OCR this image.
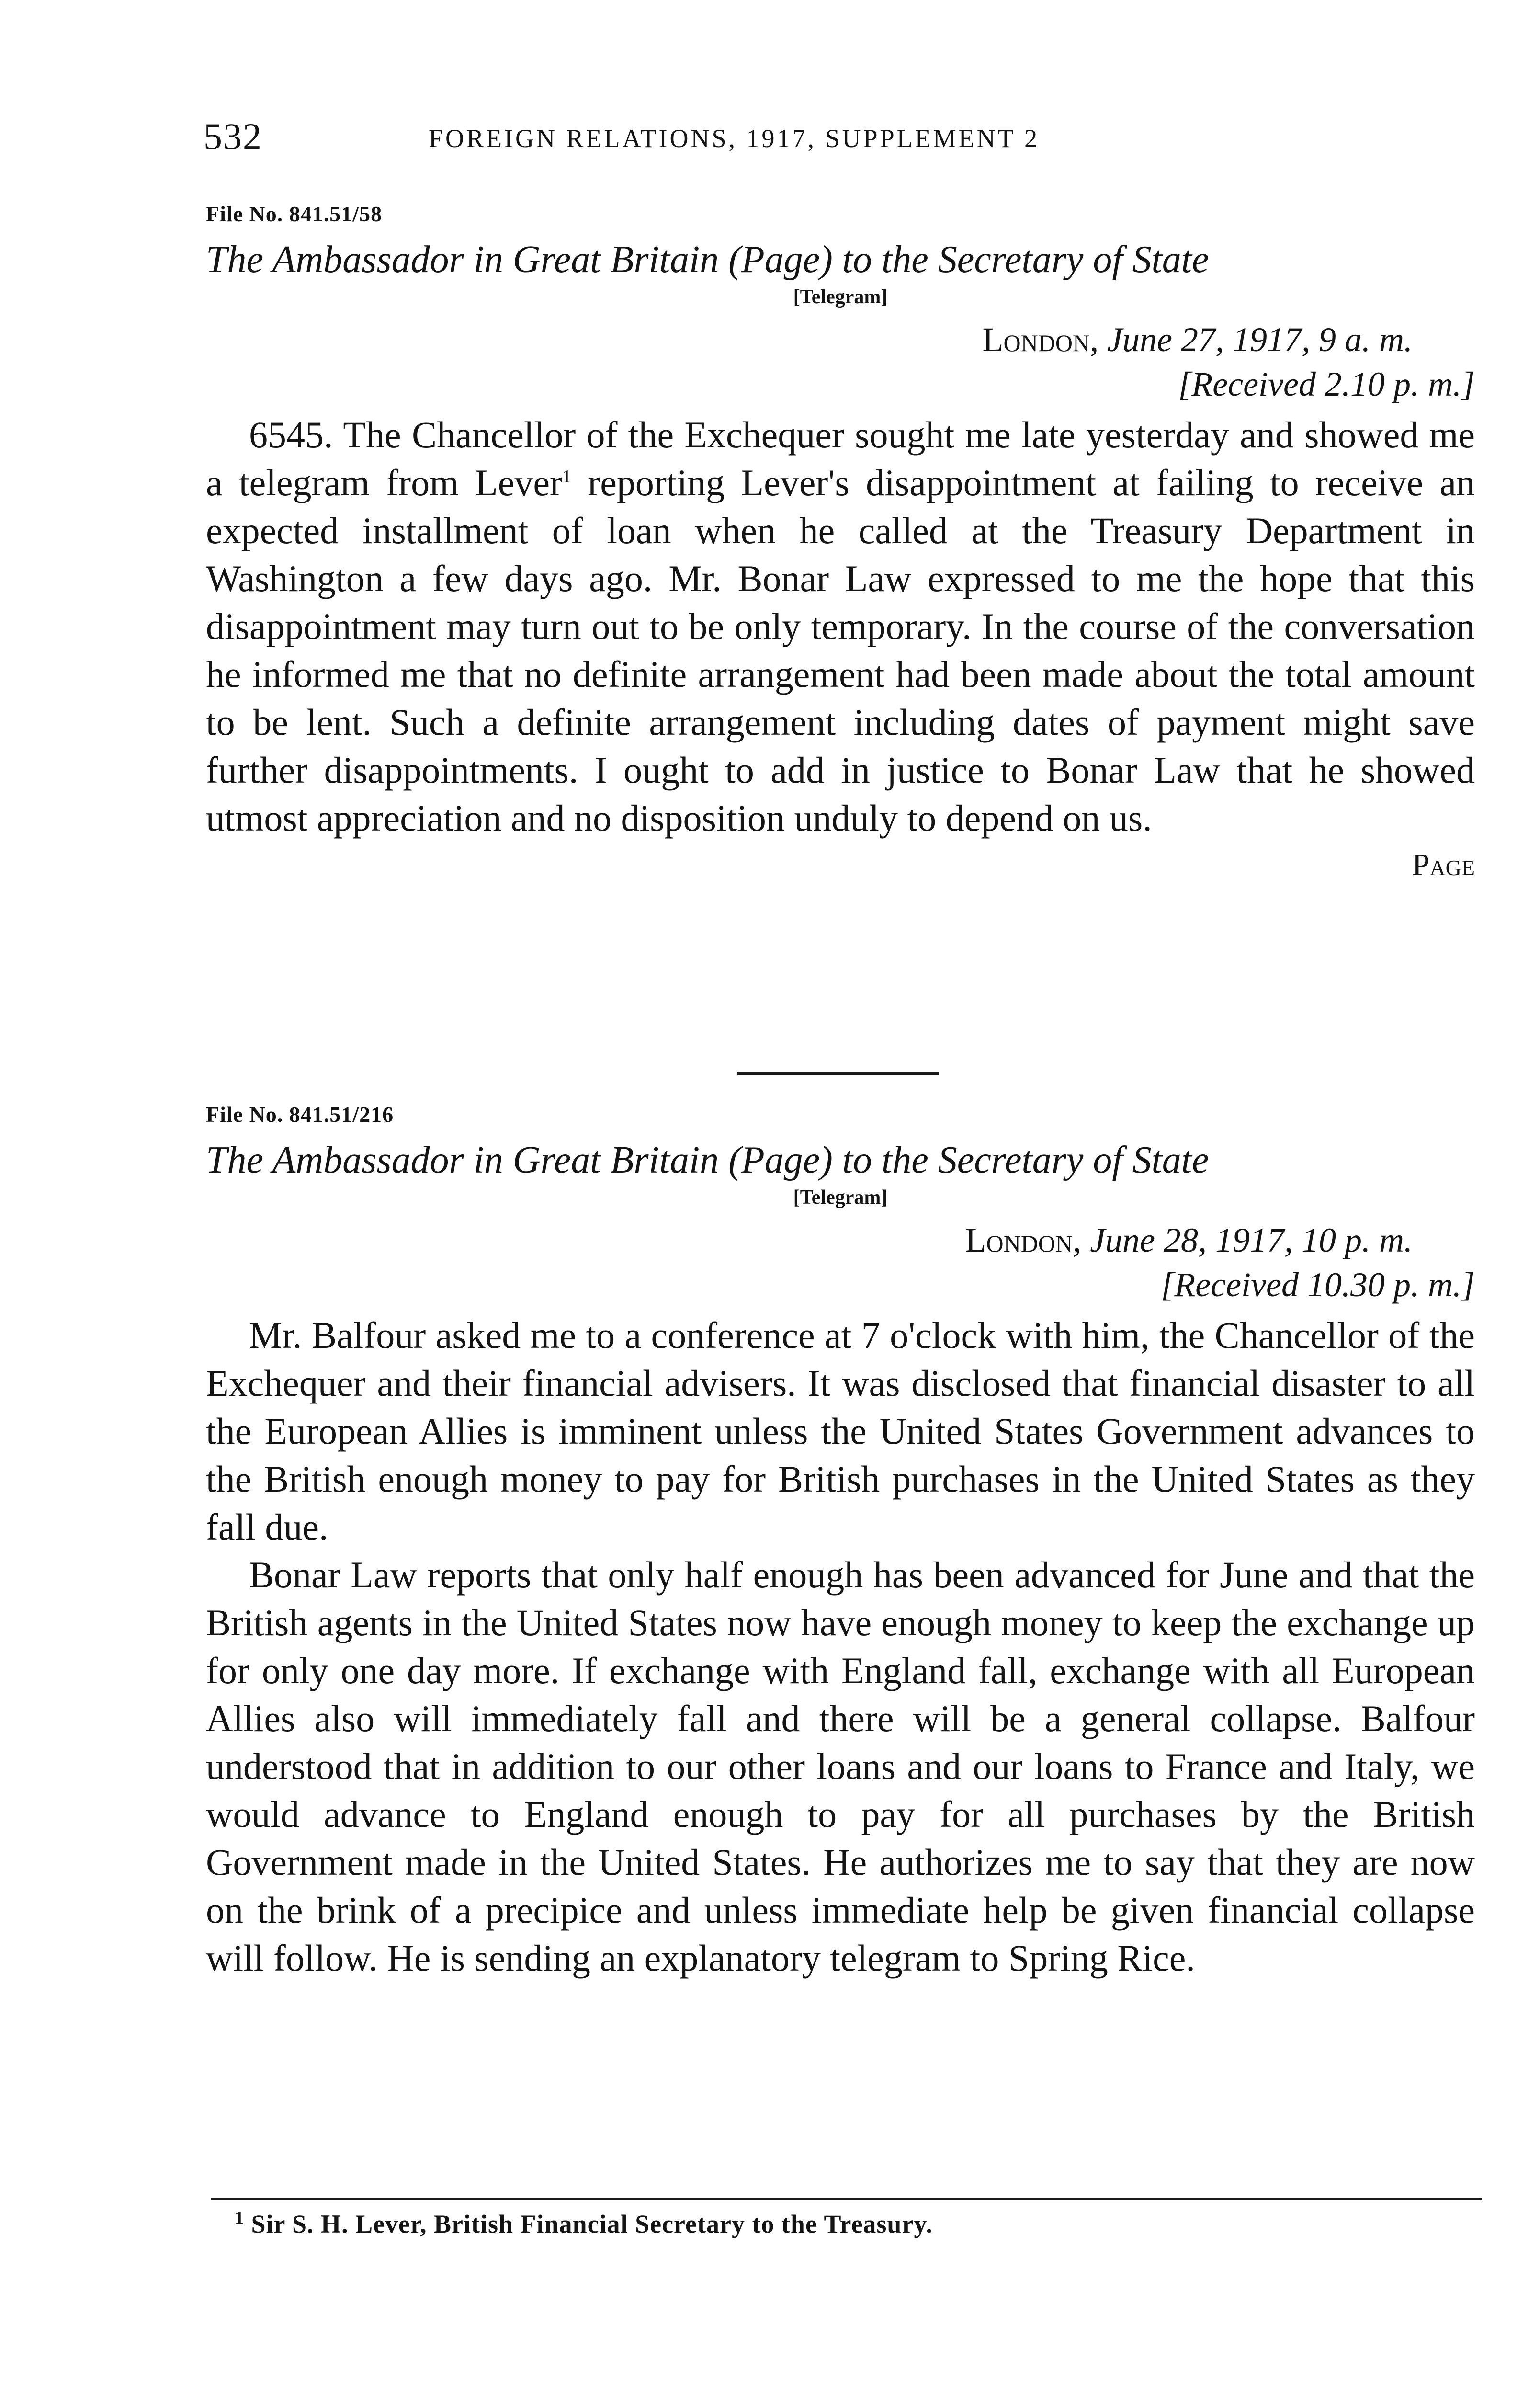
532	FOREIGN RELATIONS, 1917, SUPPLEMENT 2

File No. 841.51/58

The Ambassador in Great Britain (Page) to the Secretary of State

[Telegram]

London, June 27, 1917, 9 a. m.

[Received 2.10 p. m.]

6545. The Chancellor of the Exchequer sought me late yesterday and showed me a telegram from Lever$^1$ reporting Lever's disappointment at failing to receive an expected installment of loan when he called at the Treasury Department in Washington a few days ago. Mr. Bonar Law expressed to me the hope that this disappointment may turn out to be only temporary. In the course of the conversation he informed me that no definite arrangement had been made about the total amount to be lent. Such a definite arrangement including dates of payment might save further disappointments. I ought to add in justice to Bonar Law that he showed utmost appreciation and no disposition unduly to depend on us.

Page

File No. 841.51/216

The Ambassador in Great Britain (Page) to the Secretary of State

[Telegram]

London, June 28, 1917, 10 p. m.

[Received 10.30 p. m.]

Mr. Balfour asked me to a conference at 7 o'clock with him, the Chancellor of the Exchequer and their financial advisers. It was disclosed that financial disaster to all the European Allies is imminent unless the United States Government advances to the British enough money to pay for British purchases in the United States as they fall due.

Bonar Law reports that only half enough has been advanced for June and that the British agents in the United States now have enough money to keep the exchange up for only one day more. If exchange with England fall, exchange with all European Allies also will immediately fall and there will be a general collapse. Balfour understood that in addition to our other loans and our loans to France and Italy, we would advance to England enough to pay for all purchases by the British Government made in the United States. He authorizes me to say that they are now on the brink of a precipice and unless immediate help be given financial collapse will follow. He is sending an explanatory telegram to Spring Rice.

$^1$ Sir S. H. Lever, British Financial Secretary to the Treasury.
